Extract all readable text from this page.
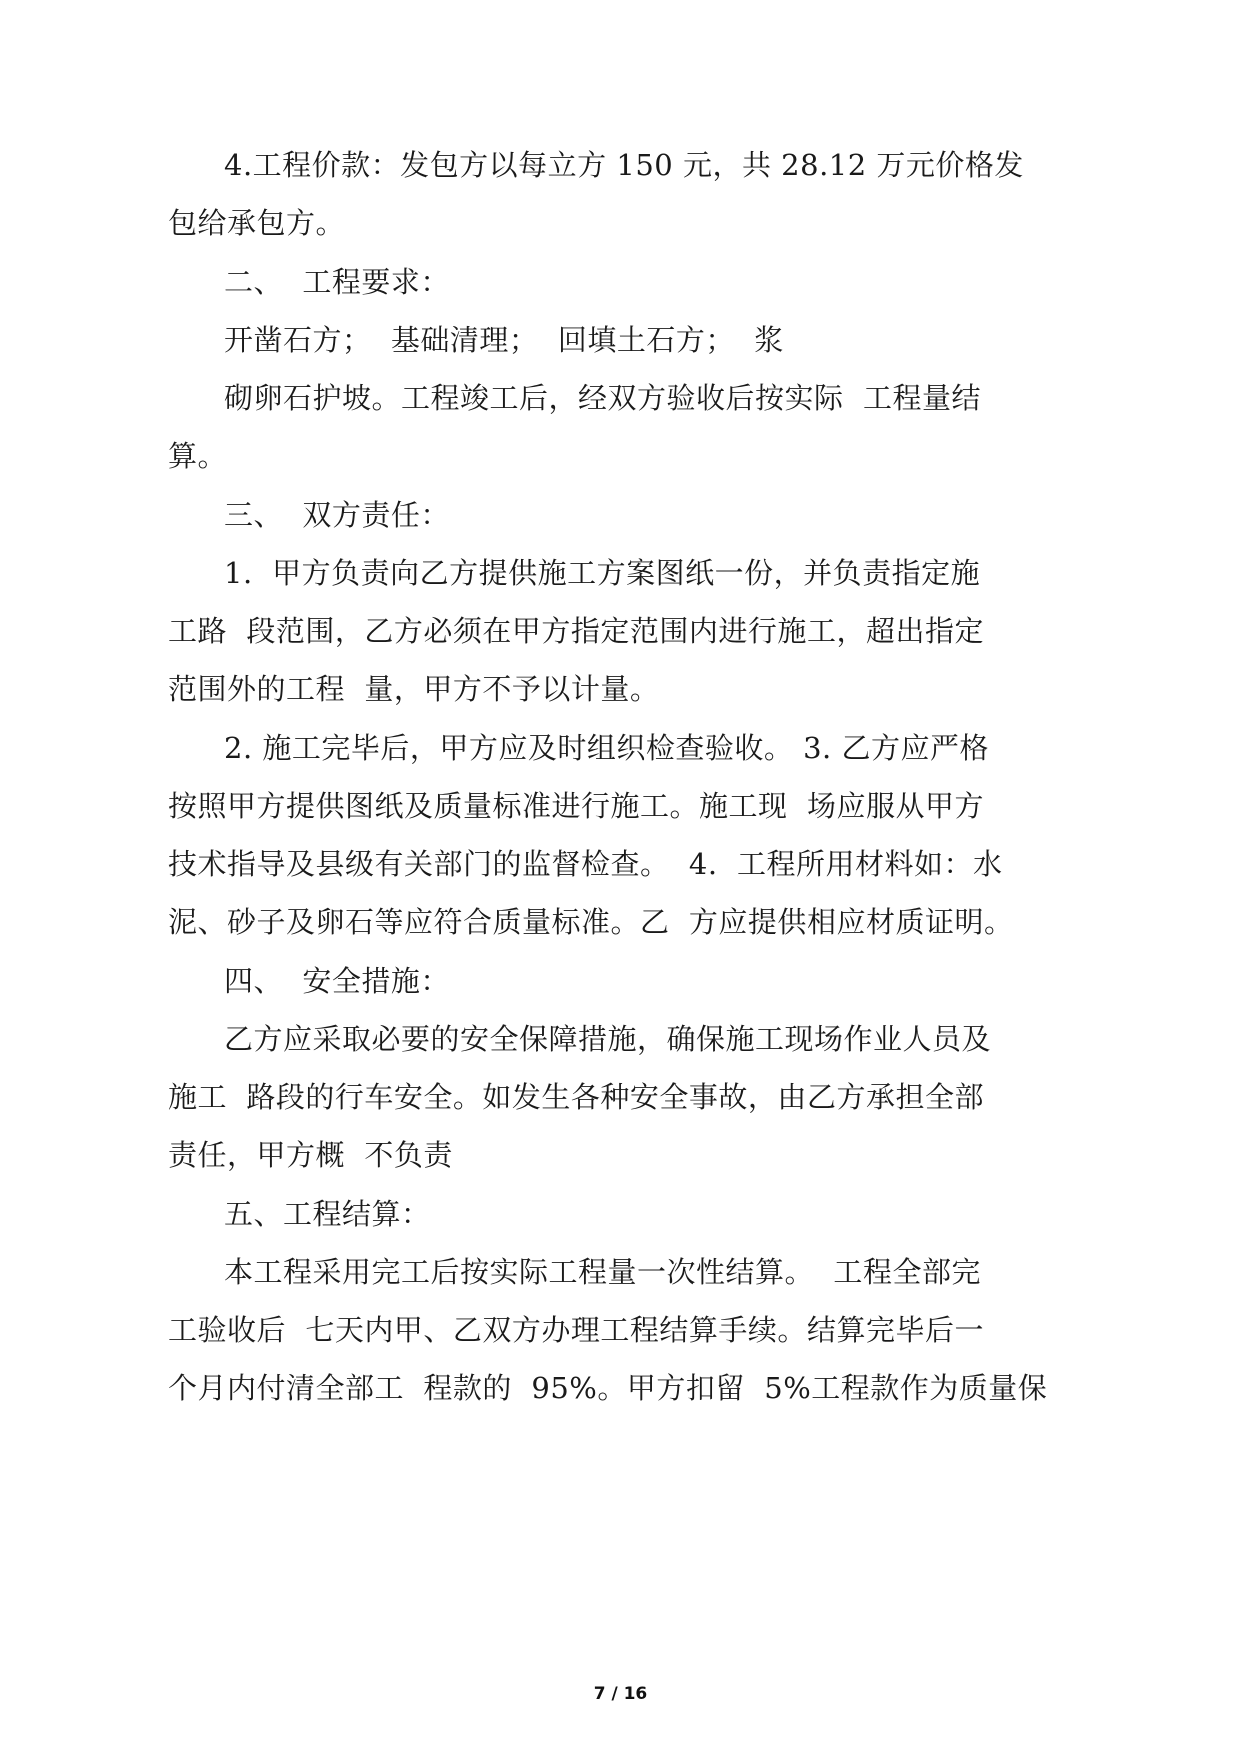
4.工程价款：发包方以每立方 150 元，共 28.12 万元价格发
包给承包方。
二、  工程要求：
开凿石方；  基础清理；  回填土石方；  浆
砌卵石护坡。工程竣工后，经双方验收后按实际  工程量结
算。
三、  双方责任：
1.  甲方负责向乙方提供施工方案图纸一份，并负责指定施
工路  段范围，乙方必须在甲方指定范围内进行施工，超出指定
范围外的工程  量，甲方不予以计量。
2. 施工完毕后，甲方应及时组织检查验收。 3. 乙方应严格
按照甲方提供图纸及质量标准进行施工。施工现  场应服从甲方
技术指导及县级有关部门的监督检查。  4.  工程所用材料如：水
泥、砂子及卵石等应符合质量标准。乙  方应提供相应材质证明。
四、  安全措施：
乙方应采取必要的安全保障措施，确保施工现场作业人员及
施工  路段的行车安全。如发生各种安全事故，由乙方承担全部
责任，甲方概  不负责
五、工程结算：
本工程采用完工后按实际工程量一次性结算。  工程全部完
工验收后  七天内甲、乙双方办理工程结算手续。结算完毕后一
个月内付清全部工  程款的  95%。甲方扣留  5%工程款作为质量保
7 / 16
